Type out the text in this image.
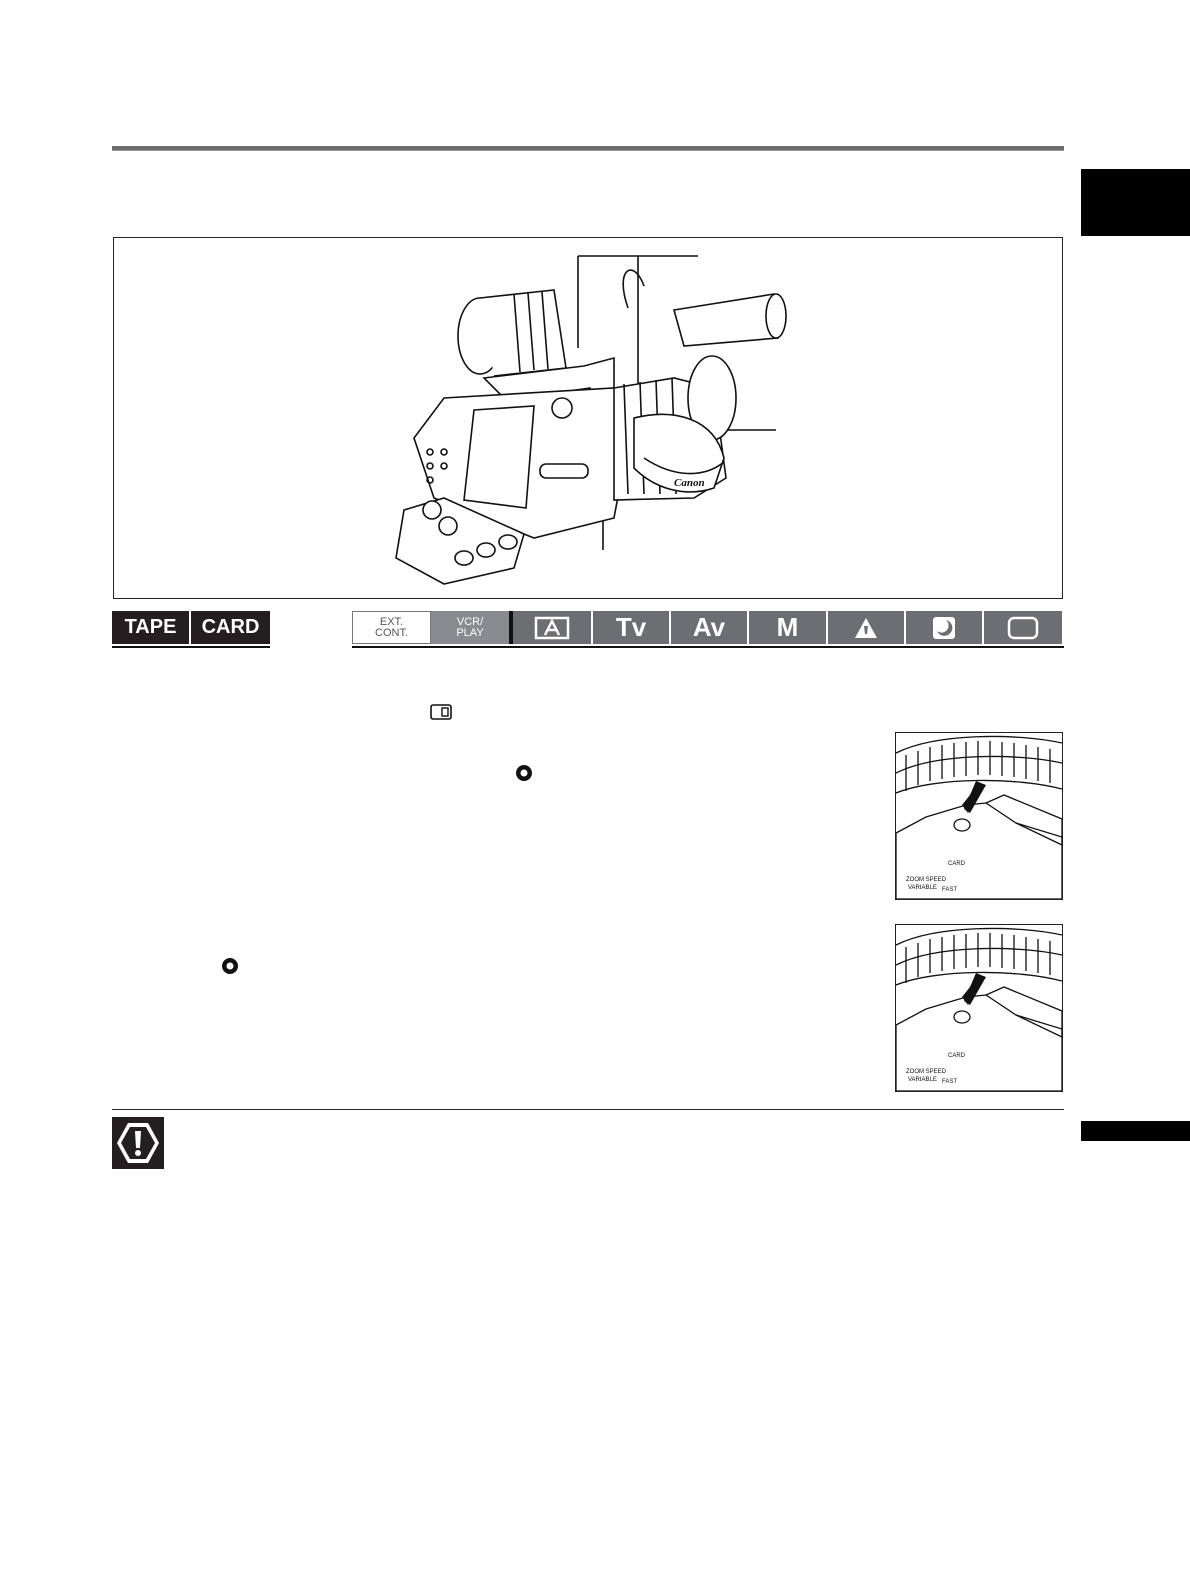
Canon
TAPE	CARD	EXT.
CONT.
VCR/
PLAY	Tv	Av	M
CARD
ZOOM SPEED
VARIABLE FAST
CARD
ZOOM SPEED
VARIABLE FAST
